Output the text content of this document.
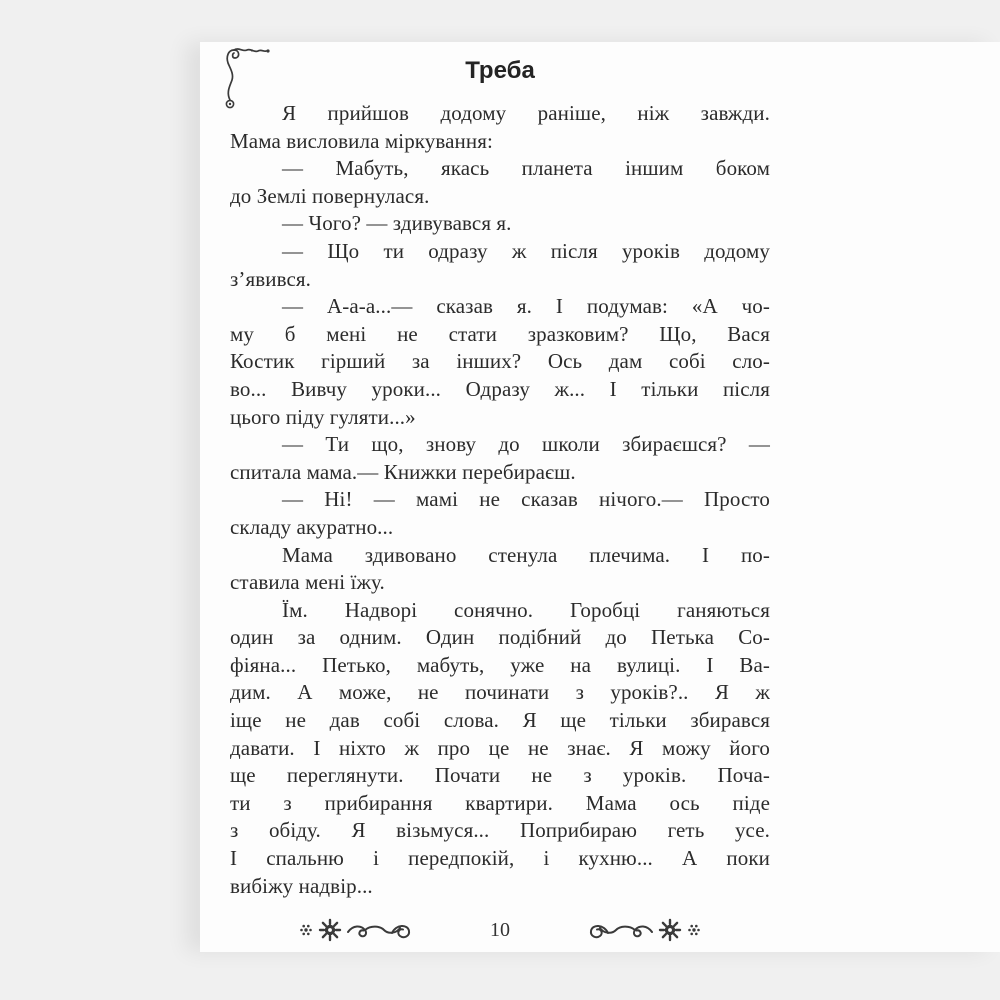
Треба
Я прийшов додому раніше, ніж завжди.
Мама висловила міркування:
— Мабуть, якась планета іншим боком
до Землі повернулася.
— Чого? — здивувався я.
— Що ти одразу ж після уроків додому
з’явився.
— А-а-а...— сказав я. І подумав: «А чо-
му б мені не стати зразковим? Що, Вася
Костик гірший за інших? Ось дам собі сло-
во... Вивчу уроки... Одразу ж... І тільки після
цього піду гуляти...»
— Ти що, знову до школи збираєшся? —
спитала мама.— Книжки перебираєш.
— Ні! — мамі не сказав нічого.— Просто
складу акуратно...
Мама здивовано стенула плечима. І по-
ставила мені їжу.
Їм. Надворі сонячно. Горобці ганяються
один за одним. Один подібний до Петька Со-
фіяна... Петько, мабуть, уже на вулиці. І Ва-
дим. А може, не починати з уроків?.. Я ж
іще не дав собі слова. Я ще тільки збирався
давати. І ніхто ж про це не знає. Я можу його
ще переглянути. Почати не з уроків. Поча-
ти з прибирання квартири. Мама ось піде
з обіду. Я візьмуся... Поприбираю геть усе.
І спальню і передпокій, і кухню... А поки
вибіжу надвір...
10
